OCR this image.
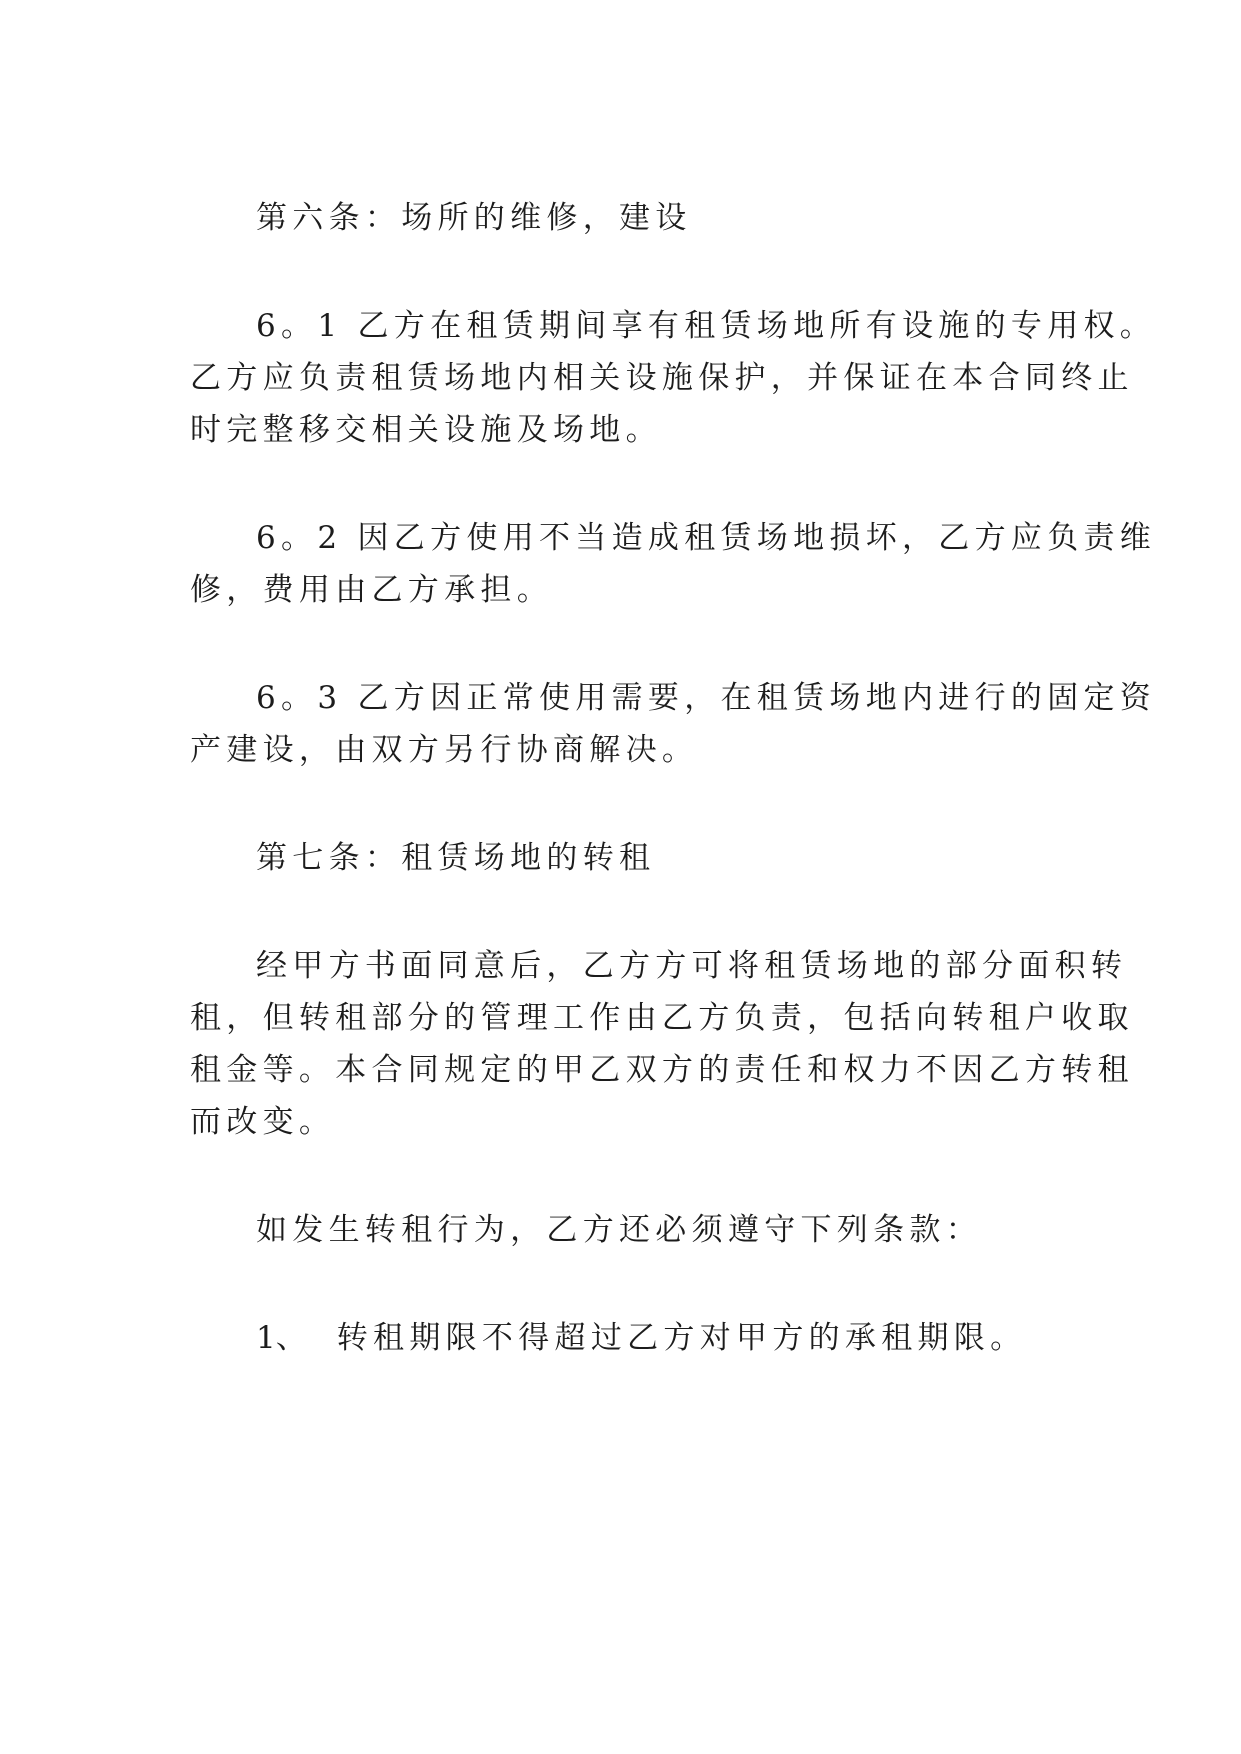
第六条：场所的维修，建设

6。1 乙方在租赁期间享有租赁场地所有设施的专用权。

乙方应负责租赁场地内相关设施保护，并保证在本合同终止

时完整移交相关设施及场地。

6。2 因乙方使用不当造成租赁场地损坏，乙方应负责维

修，费用由乙方承担。

6。3 乙方因正常使用需要，在租赁场地内进行的固定资

产建设，由双方另行协商解决。

第七条：租赁场地的转租

经甲方书面同意后，乙方方可将租赁场地的部分面积转

租，但转租部分的管理工作由乙方负责，包括向转租户收取

租金等。本合同规定的甲乙双方的责任和权力不因乙方转租

而改变。

如发生转租行为，乙方还必须遵守下列条款：

1、 转租期限不得超过乙方对甲方的承租期限。
